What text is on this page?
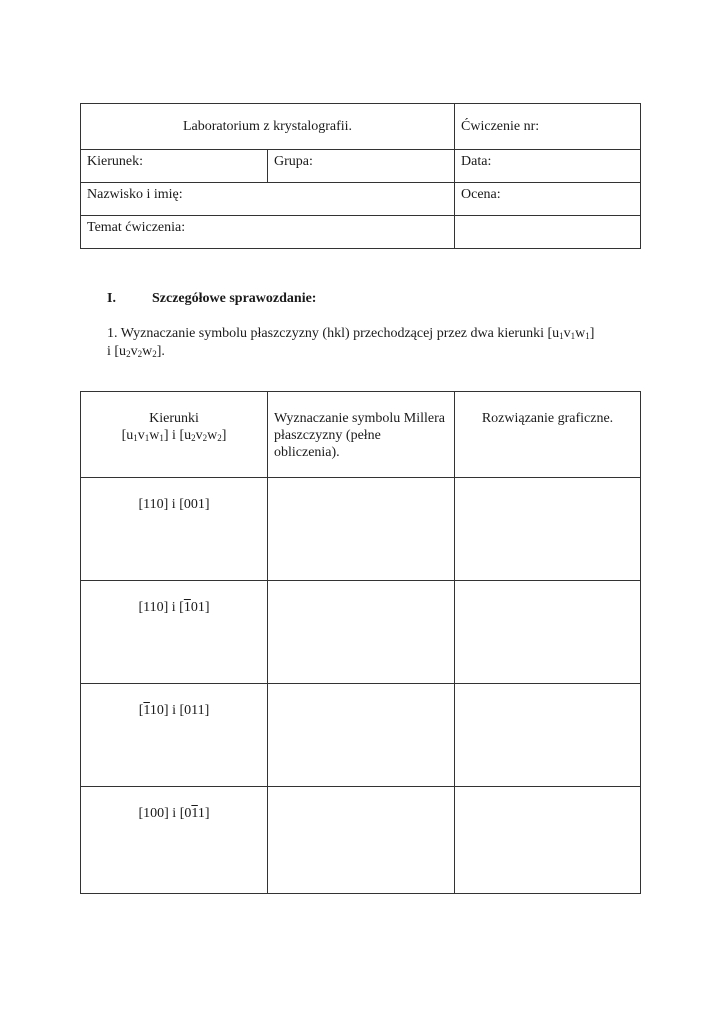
Laboratorium z krystalografii.		Ćwiczenie nr:
Kierunek:	Grupa:	Data:
Nazwisko i imię:		Ocena:
Temat ćwiczenia:		
I.	Szczegółowe sprawozdanie:
1. Wyznaczanie symbolu płaszczyzny (hkl) przechodzącej przez dwa kierunki $[u_1v_1w_1]$
i $[u_2v_2w_2]$.
Kierunki
$[u_1v_1w_1]$ i $[u_2v_2w_2]$	Wyznaczanie symbolu Millera płaszczyzny (pełne obliczenia).	Rozwiązanie graficzne.
[110] i [001]		
[110] i [101]		
[110] i [011]		
[100] i [011]		
